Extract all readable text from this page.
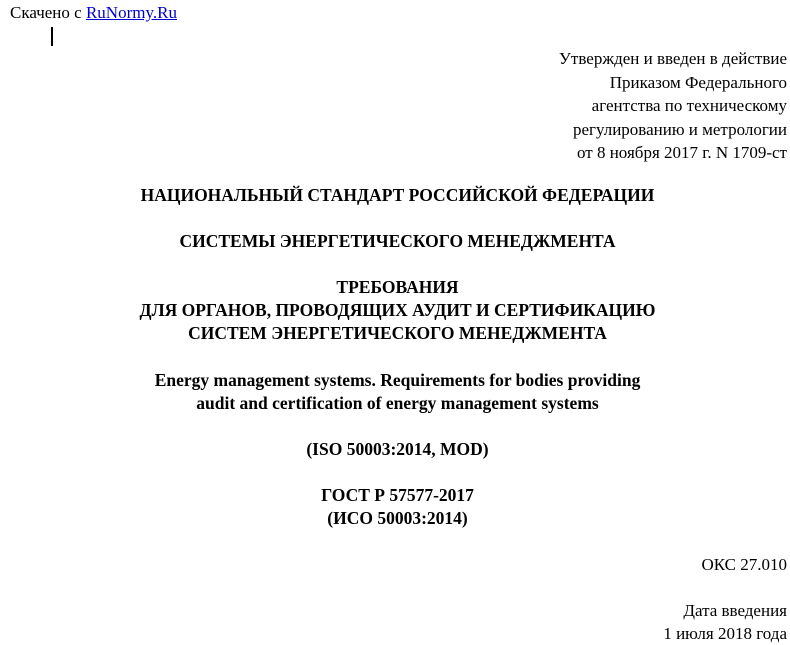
Скачено с RuNormy.Ru
Утвержден и введен в действие
Приказом Федерального
агентства по техническому
регулированию и метрологии
от 8 ноября 2017 г. N 1709-ст
НАЦИОНАЛЬНЫЙ СТАНДАРТ РОССИЙСКОЙ ФЕДЕРАЦИИ
СИСТЕМЫ ЭНЕРГЕТИЧЕСКОГО МЕНЕДЖМЕНТА
ТРЕБОВАНИЯ
ДЛЯ ОРГАНОВ, ПРОВОДЯЩИХ АУДИТ И СЕРТИФИКАЦИЮ
СИСТЕМ ЭНЕРГЕТИЧЕСКОГО МЕНЕДЖМЕНТА
Energy management systems. Requirements for bodies providing
audit and certification of energy management systems
(ISO 50003:2014, MOD)
ГОСТ Р 57577-2017
(ИСО 50003:2014)
ОКС 27.010
Дата введения
1 июля 2018 года
